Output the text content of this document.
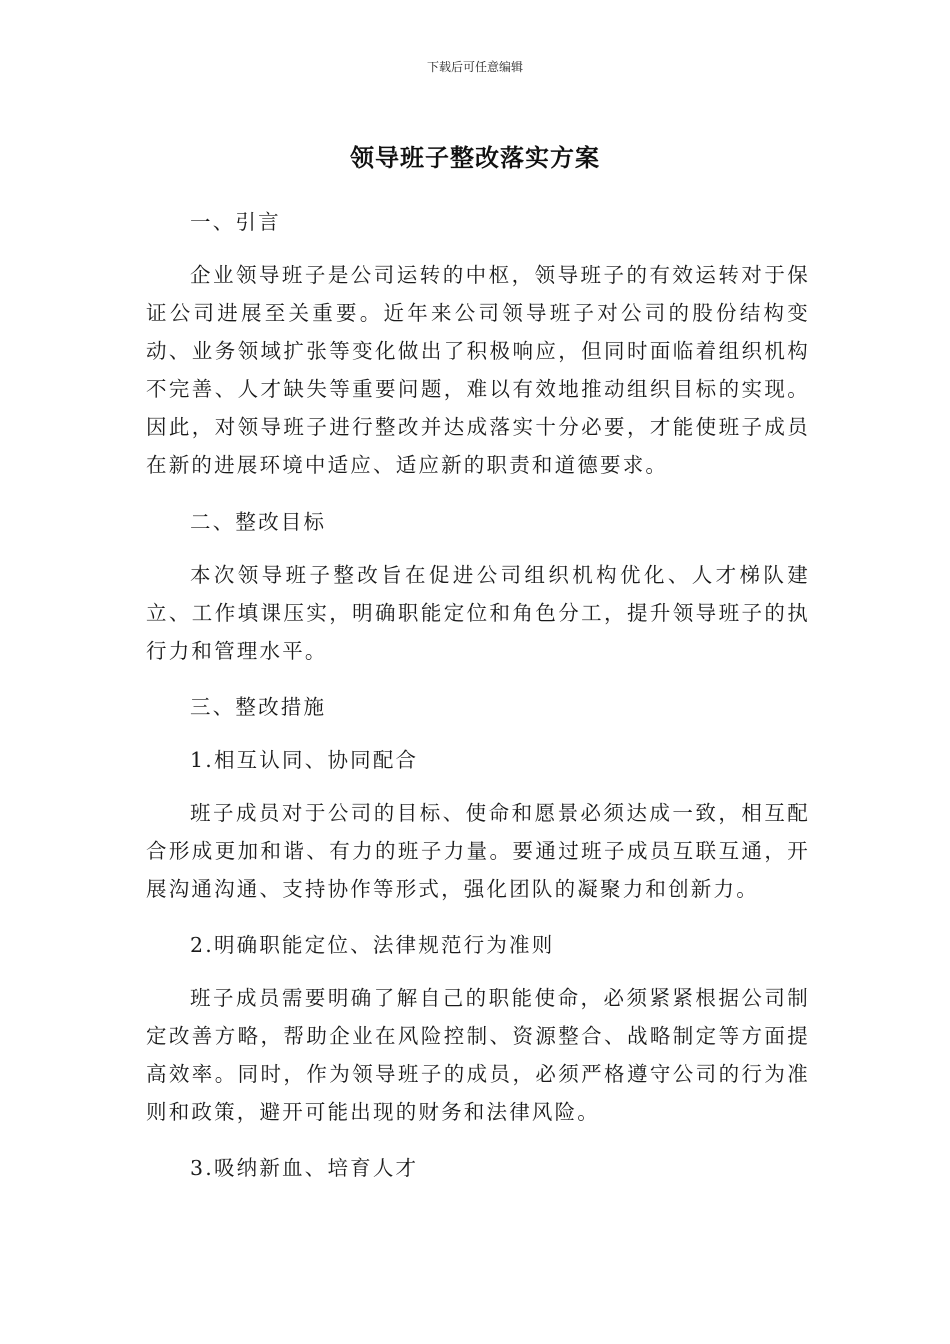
下载后可任意编辑
领导班子整改落实方案
一、引言
企业领导班子是公司运转的中枢，领导班子的有效运转对于保证公司进展至关重要。近年来公司领导班子对公司的股份结构变动、业务领域扩张等变化做出了积极响应，但同时面临着组织机构不完善、人才缺失等重要问题，难以有效地推动组织目标的实现。因此，对领导班子进行整改并达成落实十分必要，才能使班子成员在新的进展环境中适应、适应新的职责和道德要求。
二、整改目标
本次领导班子整改旨在促进公司组织机构优化、人才梯队建立、工作填课压实，明确职能定位和角色分工，提升领导班子的执行力和管理水平。
三、整改措施
1.相互认同、协同配合
班子成员对于公司的目标、使命和愿景必须达成一致，相互配合形成更加和谐、有力的班子力量。要通过班子成员互联互通，开展沟通沟通、支持协作等形式，强化团队的凝聚力和创新力。
2.明确职能定位、法律规范行为准则
班子成员需要明确了解自己的职能使命，必须紧紧根据公司制定改善方略，帮助企业在风险控制、资源整合、战略制定等方面提高效率。同时，作为领导班子的成员，必须严格遵守公司的行为准则和政策，避开可能出现的财务和法律风险。
3.吸纳新血、培育人才
